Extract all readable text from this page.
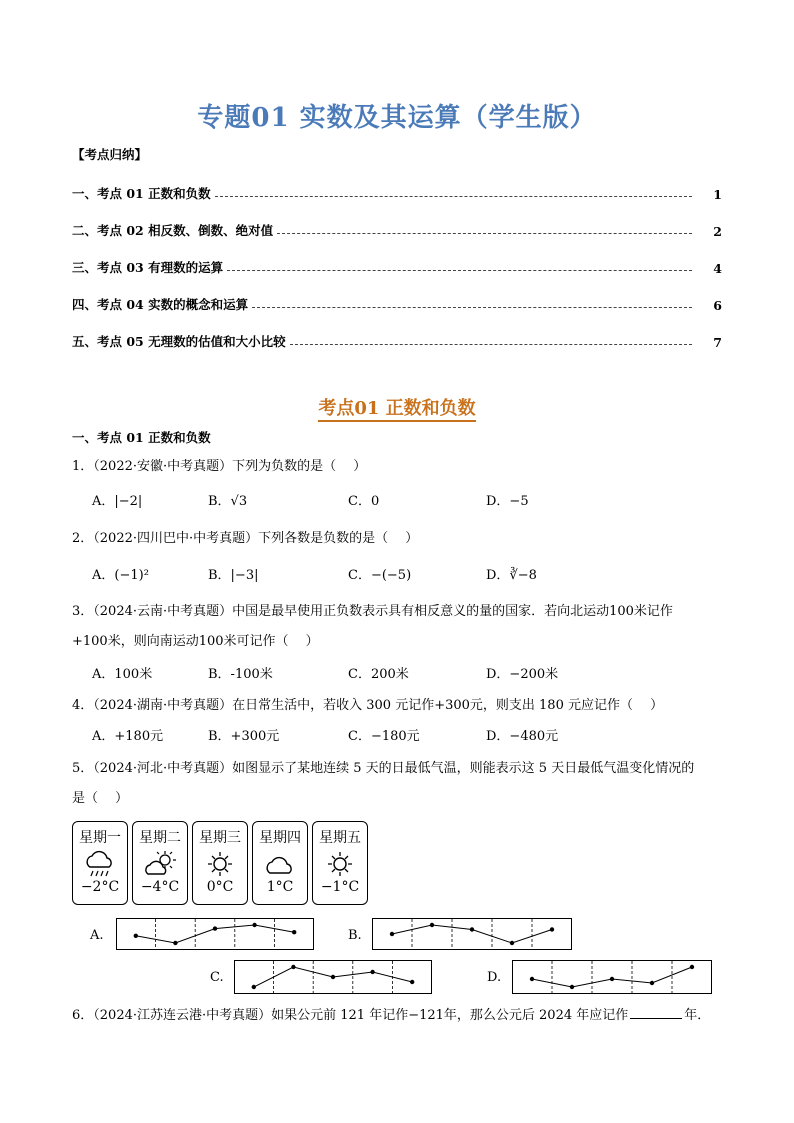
专题01 实数及其运算（学生版）
【考点归纳】
一、考点 01 正数和负数	1
二、考点 02 相反数、倒数、绝对值	2
三、考点 03 有理数的运算	4
四、考点 04 实数的概念和运算	6
五、考点 05 无理数的估值和大小比较	7
考点01 正数和负数
一、考点 01 正数和负数
1．（2022·安徽·中考真题）下列为负数的是（　 ）
A．|−2|	B．√3	C．0	D．−5
2．（2022·四川巴中·中考真题）下列各数是负数的是（　 ）
A．(−1)²	B．|−3|	C．−(−5)	D．∛−8
3．（2024·云南·中考真题）中国是最早使用正负数表示具有相反意义的量的国家．若向北运动100米记作
+100米，则向南运动100米可记作（　 ）
A．100米	B．-100米	C．200米	D．−200米
4．（2024·湖南·中考真题）在日常生活中，若收入 300 元记作+300元，则支出 180 元应记作（　 ）
A．+180元	B．+300元	C．−180元	D．−480元
5．（2024·河北·中考真题）如图显示了某地连续 5 天的日最低气温，则能表示这 5 天日最低气温变化情况的
是（　 ）
星期一
−2°C
星期二
−4°C
星期三
0°C
星期四
1°C
星期五
−1°C
A.	B.
C.	D.
6．（2024·江苏连云港·中考真题）如果公元前 121 年记作−121年，那么公元后 2024 年应记作	年．
